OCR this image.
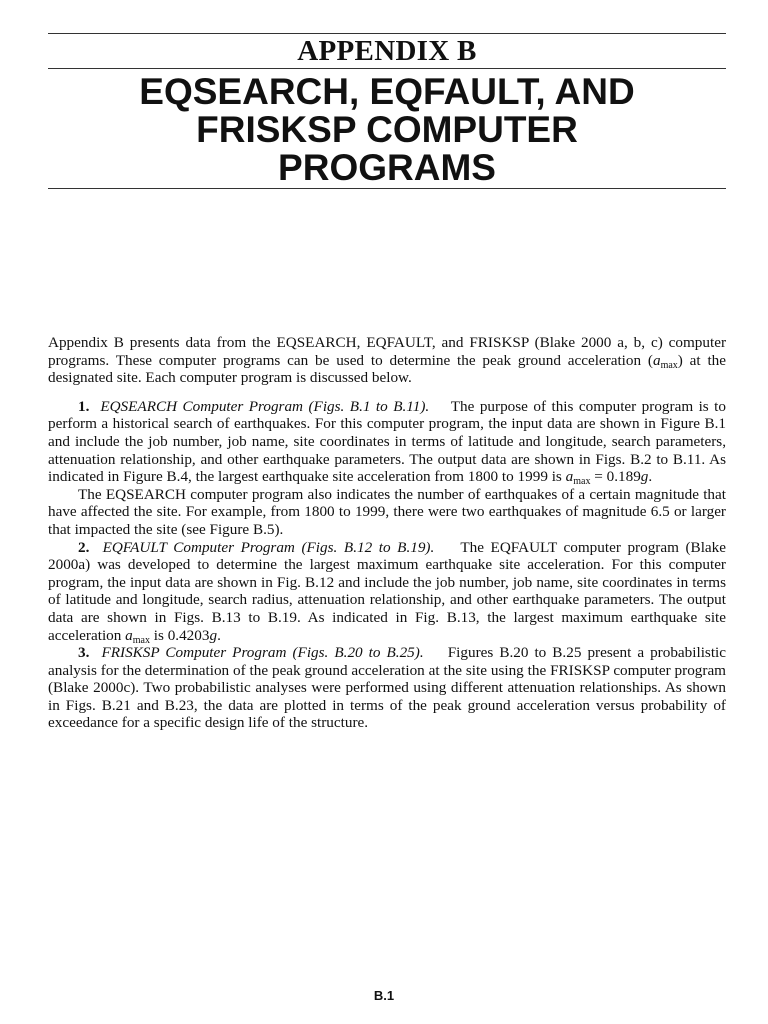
APPENDIX B
EQSEARCH, EQFAULT, AND
FRISKSP COMPUTER
PROGRAMS

Appendix B presents data from the EQSEARCH, EQFAULT, and FRISKSP (Blake 2000 a, b, c) computer programs. These computer programs can be used to determine the peak ground acceleration $(a_{max})$ at the designated site. Each computer program is discussed below.

1. EQSEARCH Computer Program (Figs. B.1 to B.11). The purpose of this computer program is to perform a historical search of earthquakes. For this computer program, the input data are shown in Figure B.1 and include the job number, job name, site coordinates in terms of latitude and longitude, search parameters, attenuation relationship, and other earthquake parameters. The output data are shown in Figs. B.2 to B.11. As indicated in Figure B.4, the largest earthquake site acceleration from 1800 to 1999 is $a_{max} = 0.189g$.

The EQSEARCH computer program also indicates the number of earthquakes of a certain magnitude that have affected the site. For example, from 1800 to 1999, there were two earthquakes of magnitude 6.5 or larger that impacted the site (see Figure B.5).

2. EQFAULT Computer Program (Figs. B.12 to B.19). The EQFAULT computer program (Blake 2000a) was developed to determine the largest maximum earthquake site acceleration. For this computer program, the input data are shown in Fig. B.12 and include the job number, job name, site coordinates in terms of latitude and longitude, search radius, attenuation relationship, and other earthquake parameters. The output data are shown in Figs. B.13 to B.19. As indicated in Fig. B.13, the largest maximum earthquake site acceleration $a_{max}$ is 0.4203g.

3. FRISKSP Computer Program (Figs. B.20 to B.25). Figures B.20 to B.25 present a probabilistic analysis for the determination of the peak ground acceleration at the site using the FRISKSP computer program (Blake 2000c). Two probabilistic analyses were performed using different attenuation relationships. As shown in Figs. B.21 and B.23, the data are plotted in terms of the peak ground acceleration versus probability of exceedance for a specific design life of the structure.

B.1
